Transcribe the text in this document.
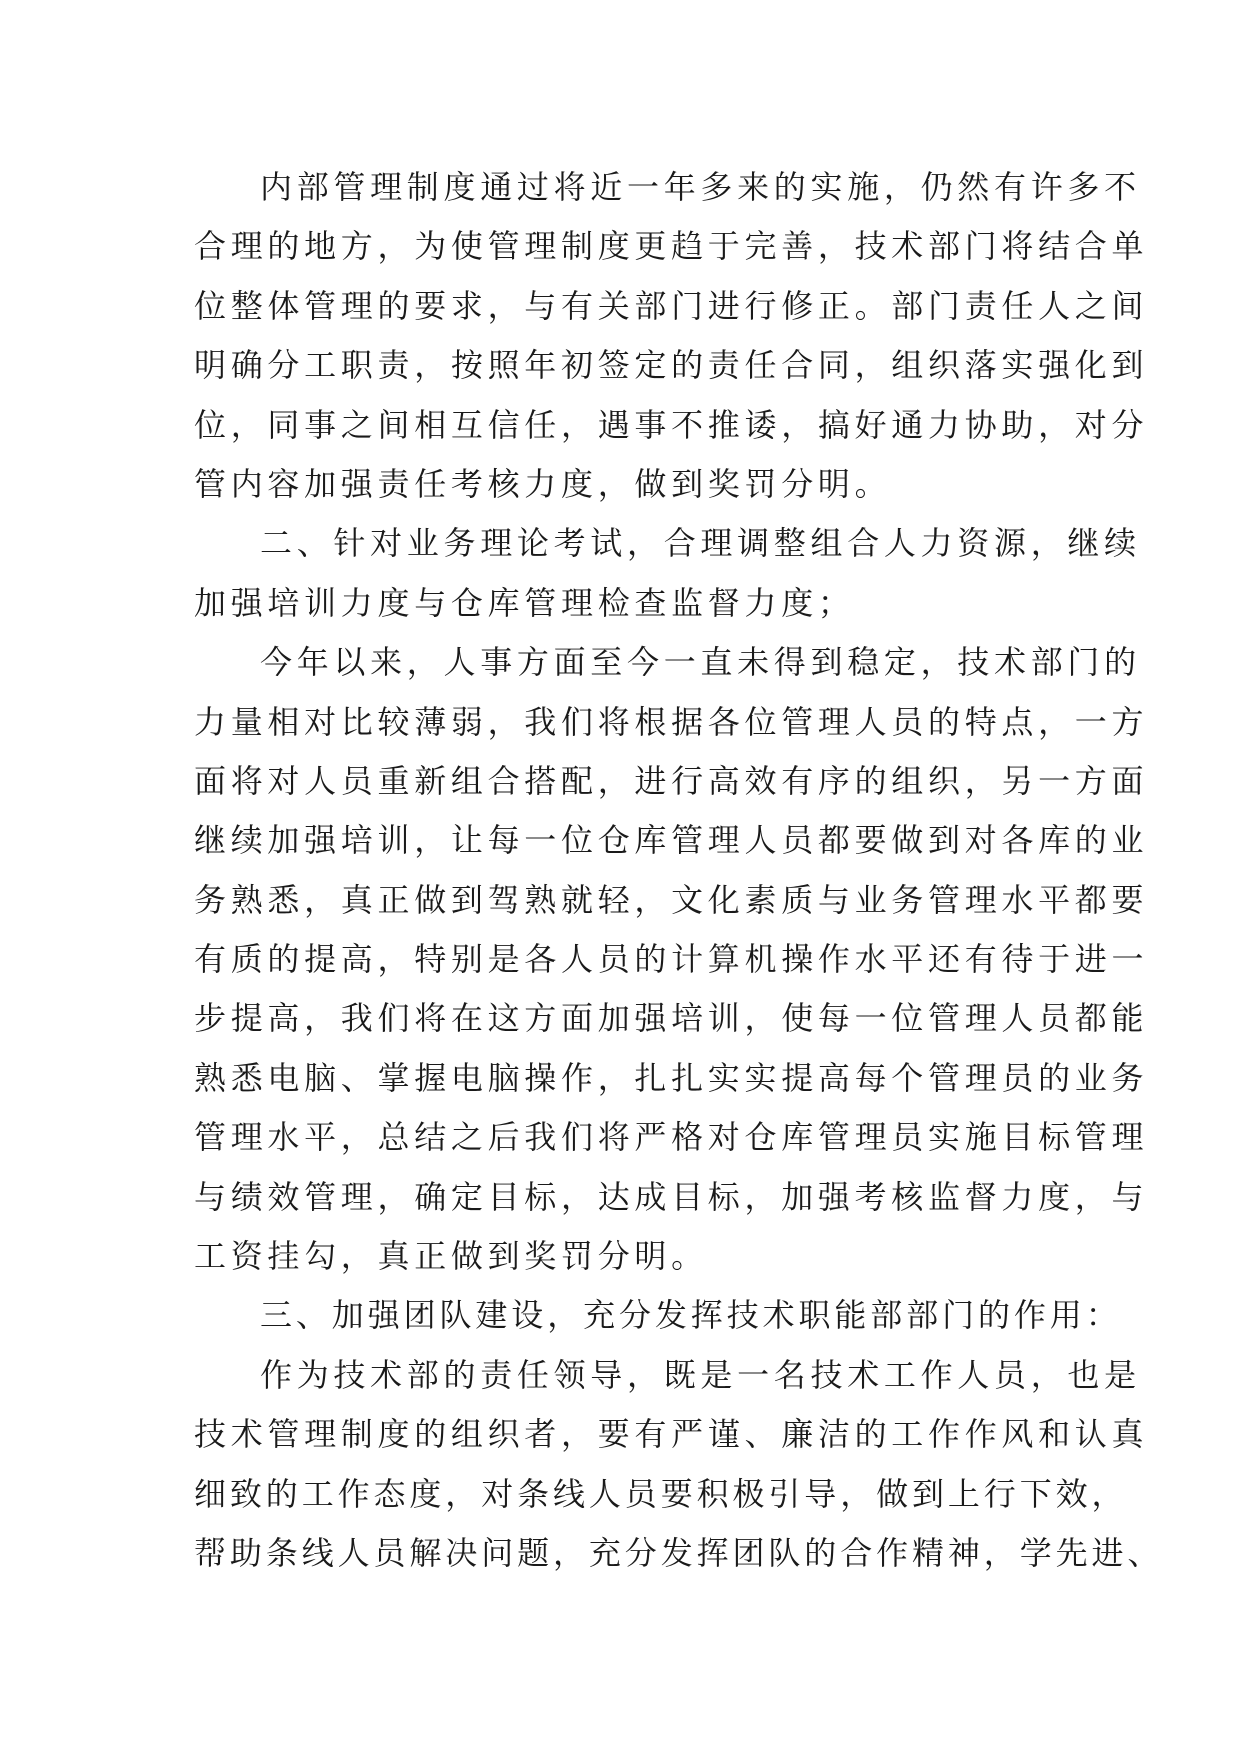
内部管理制度通过将近一年多来的实施，仍然有许多不
合理的地方，为使管理制度更趋于完善，技术部门将结合单
位整体管理的要求，与有关部门进行修正。部门责任人之间
明确分工职责，按照年初签定的责任合同，组织落实强化到
位，同事之间相互信任，遇事不推诿，搞好通力协助，对分
管内容加强责任考核力度，做到奖罚分明。
二、针对业务理论考试，合理调整组合人力资源，继续
加强培训力度与仓库管理检查监督力度；
今年以来，人事方面至今一直未得到稳定，技术部门的
力量相对比较薄弱，我们将根据各位管理人员的特点，一方
面将对人员重新组合搭配，进行高效有序的组织，另一方面
继续加强培训，让每一位仓库管理人员都要做到对各库的业
务熟悉，真正做到驾熟就轻，文化素质与业务管理水平都要
有质的提高，特别是各人员的计算机操作水平还有待于进一
步提高，我们将在这方面加强培训，使每一位管理人员都能
熟悉电脑、掌握电脑操作，扎扎实实提高每个管理员的业务
管理水平，总结之后我们将严格对仓库管理员实施目标管理
与绩效管理，确定目标，达成目标，加强考核监督力度，与
工资挂勾，真正做到奖罚分明。
三、加强团队建设，充分发挥技术职能部部门的作用：
作为技术部的责任领导，既是一名技术工作人员，也是
技术管理制度的组织者，要有严谨、廉洁的工作作风和认真
细致的工作态度，对条线人员要积极引导，做到上行下效，
帮助条线人员解决问题，充分发挥团队的合作精神，学先进、
